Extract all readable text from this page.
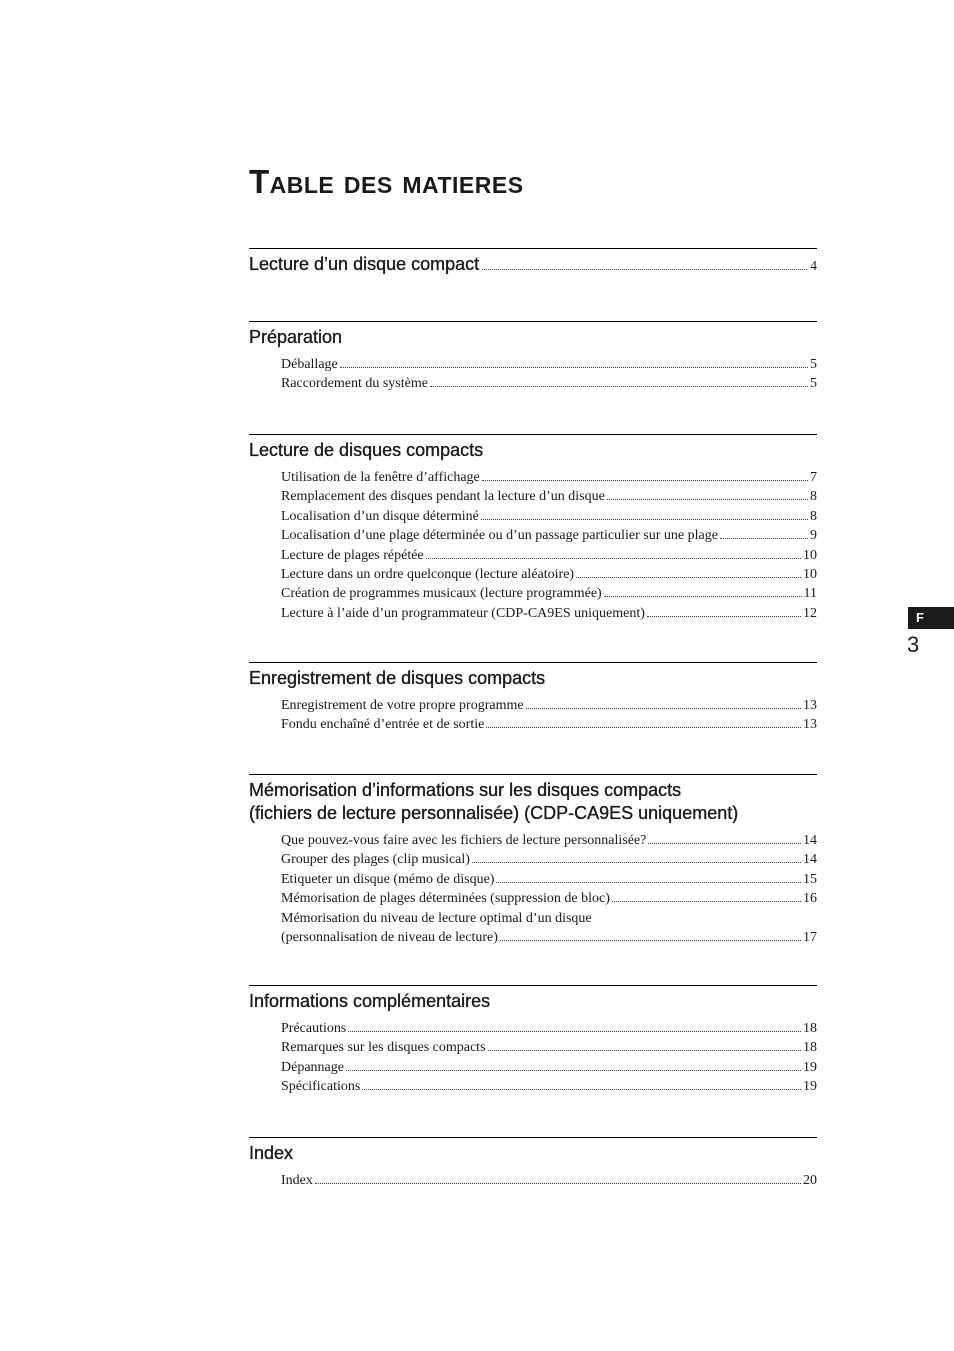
Table des matieres
Lecture d’un disque compact	4
Préparation
Déballage	5
Raccordement du système	5
Lecture de disques compacts
Utilisation de la fenêtre d’affichage	7
Remplacement des disques pendant la lecture d’un disque	8
Localisation d’un disque déterminé	8
Localisation d’une plage déterminée ou d’un passage particulier sur une plage	9
Lecture de plages répétée	10
Lecture dans un ordre quelconque (lecture aléatoire)	10
Création de programmes musicaux (lecture programmée)	11
Lecture à l’aide d’un programmateur (CDP-CA9ES uniquement)	12
Enregistrement de disques compacts
Enregistrement de votre propre programme	13
Fondu enchaîné d’entrée et de sortie	13
Mémorisation d’informations sur les disques compacts
(fichiers de lecture personnalisée) (CDP-CA9ES uniquement)
Que pouvez-vous faire avec les fichiers de lecture personnalisée?	14
Grouper des plages (clip musical)	14
Etiqueter un disque (mémo de disque)	15
Mémorisation de plages déterminées (suppression de bloc)	16
Mémorisation du niveau de lecture optimal d’un disque
(personnalisation de niveau de lecture)	17
Informations complémentaires
Précautions	18
Remarques sur les disques compacts	18
Dépannage	19
Spécifications	19
Index
Index	20
F
3
